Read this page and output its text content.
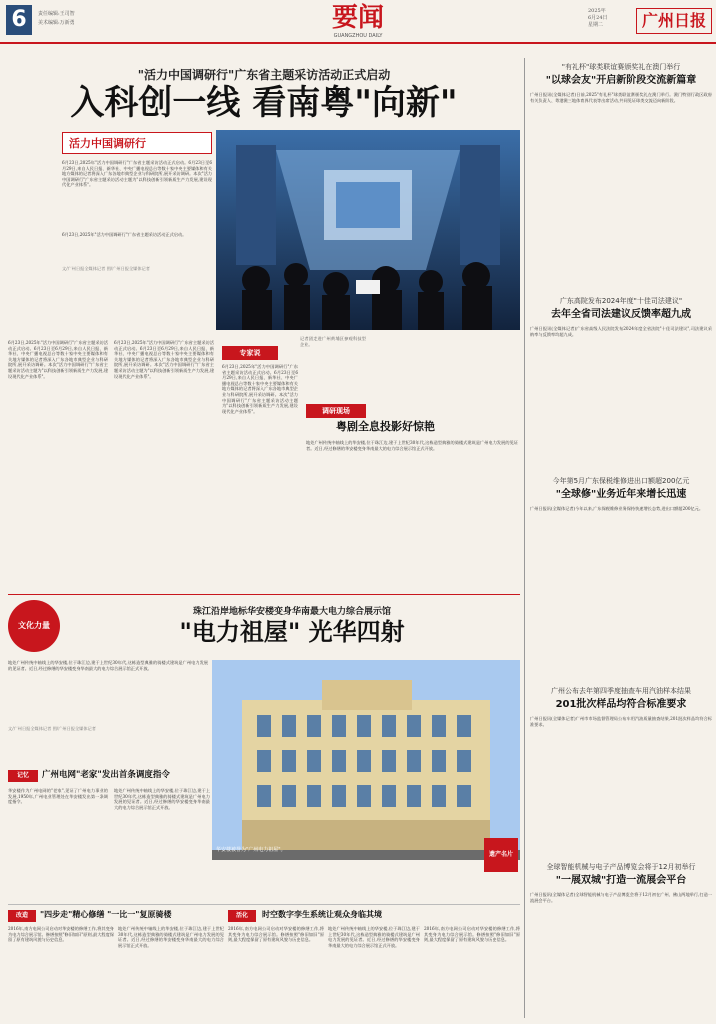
6	责任编辑:王司智
美术编辑:万新勇	要闻
GUANGZHOU DAILY
2025年
6月24日
星期二	广州日报
"活力中国调研行"广东省主题采访活动正式启动
入科创一线 看南粤"向新"
活力中国调研行
6月23日,2025年"活力中国调研行"广东省主题采访活动正式启动。6月23日至6月29日,来自人民日报、新华社、中央广播电视总台等数十家中央主要媒体和有关地方媒体的记者将深入广东各地市典型企业与科研院所,展开采访调研。本次"活力中国调研行"广东省主题采访活动主题为"以科技创新引领新质生产力发展,建设现代化产业体系"。
6月23日,2025年"活力中国调研行"广东省主题采访活动正式启动。
文/广州日报全媒体记者 图/广州日报全媒体记者
6月23日,2025年"活力中国调研行"广东省主题采访活动正式启动。6月23日至6月29日,来自人民日报、新华社、中央广播电视总台等数十家中央主要媒体和有关地方媒体的记者将深入广东各地市典型企业与科研院所,展开采访调研。本次"活力中国调研行"广东省主题采访活动主题为"以科技创新引领新质生产力发展,建设现代化产业体系"。
6月23日,2025年"活力中国调研行"广东省主题采访活动正式启动。6月23日至6月29日,来自人民日报、新华社、中央广播电视总台等数十家中央主要媒体和有关地方媒体的记者将深入广东各地市典型企业与科研院所,展开采访调研。本次"活力中国调研行"广东省主题采访活动主题为"以科技创新引领新质生产力发展,建设现代化产业体系"。
专家说
6月23日,2025年"活力中国调研行"广东省主题采访活动正式启动。6月23日至6月29日,来自人民日报、新华社、中央广播电视总台等数十家中央主要媒体和有关地方媒体的记者将深入广东各地市典型企业与科研院所,展开采访调研。本次"活力中国调研行"广东省主题采访活动主题为"以科技创新引领新质生产力发展,建设现代化产业体系"。
记者团走进广州黄埔区参观科技型企业。
调研现场
粤剧全息投影好惊艳
地处广州传统中轴线上的华安楼,位于珠江边,建于上世纪30年代,这栋造型典雅的骑楼式建筑是广州电力发展的见证者。近日,经过修缮的华安楼变身华南最大的电力综合展示馆正式开放。
"有礼杯"球类联谊赛颁奖礼在澳门举行
"以球会友"开启新阶段交流新篇章
广州日报讯(全媒体记者)日前,2025"有礼杯"球类联谊赛颁奖礼在澳门举行。澳门特别行政区政府有关负责人、粤港澳三地体育界代表等出席活动,共同见证球类交流迈向新阶段。
广东高院发布2024年度"十佳司法建议"
去年全省司法建议反馈率超九成
广州日报讯(全媒体记者)广东省高级人民法院发布2024年度全省法院"十佳司法建议",司法建议采纳率与反馈率均超九成。
今年第5月广东保税维修进出口额超200亿元
"全球修"业务近年来增长迅速
广州日报讯(全媒体记者)今年以来,广东保税维修业务保持快速增长态势,进出口额超200亿元。
广州公布去年第四季度抽查车用汽油样本结果
201批次样品均符合标准要求
广州日报讯(全媒体记者)广州市市场监督管理局公布车用汽油质量抽查结果,201批次样品均符合标准要求。
全球智能机械与电子产品博览会将于12月初举行
"一展双城"打造一流展会平台
广州日报讯(全媒体记者)全球智能机械与电子产品博览会将于12月初在广州、佛山两地举行,打造一流展会平台。
文化力量
珠江沿岸地标华安楼变身华南最大电力综合展示馆
"电力祖屋" 光华四射
地处广州传统中轴线上的华安楼,位于珠江边,建于上世纪30年代,这栋造型典雅的骑楼式建筑是广州电力发展的见证者。近日,经过修缮的华安楼变身华南最大的电力综合展示馆正式开放。
文/广州日报全媒体记者 图/广州日报全媒体记者
华安楼被誉为"广州电力祖屋"。
遗产名片
记忆	广州电网"老家"发出首条调度指令
华安楼作为广州电网的"老家",见证了广州电力事业的发展,1950年,广州电业管理处在华安楼发出第一条调度指令。
地处广州传统中轴线上的华安楼,位于珠江边,建于上世纪30年代,这栋造型典雅的骑楼式建筑是广州电力发展的见证者。近日,经过修缮的华安楼变身华南最大的电力综合展示馆正式开放。
改造	"四步走"精心修缮 "一比一"复原骑楼
2016年,南方电网公司启动对华安楼的修缮工作,将其变身为电力综合展示馆。修缮按照"修旧如旧"原则,最大程度保留了原有建筑风貌与历史信息。
地处广州传统中轴线上的华安楼,位于珠江边,建于上世纪30年代,这栋造型典雅的骑楼式建筑是广州电力发展的见证者。近日,经过修缮的华安楼变身华南最大的电力综合展示馆正式开放。
活化	时空数字孪生系统让观众身临其境
2016年,南方电网公司启动对华安楼的修缮工作,将其变身为电力综合展示馆。修缮按照"修旧如旧"原则,最大程度保留了原有建筑风貌与历史信息。
地处广州传统中轴线上的华安楼,位于珠江边,建于上世纪30年代,这栋造型典雅的骑楼式建筑是广州电力发展的见证者。近日,经过修缮的华安楼变身华南最大的电力综合展示馆正式开放。
2016年,南方电网公司启动对华安楼的修缮工作,将其变身为电力综合展示馆。修缮按照"修旧如旧"原则,最大程度保留了原有建筑风貌与历史信息。
